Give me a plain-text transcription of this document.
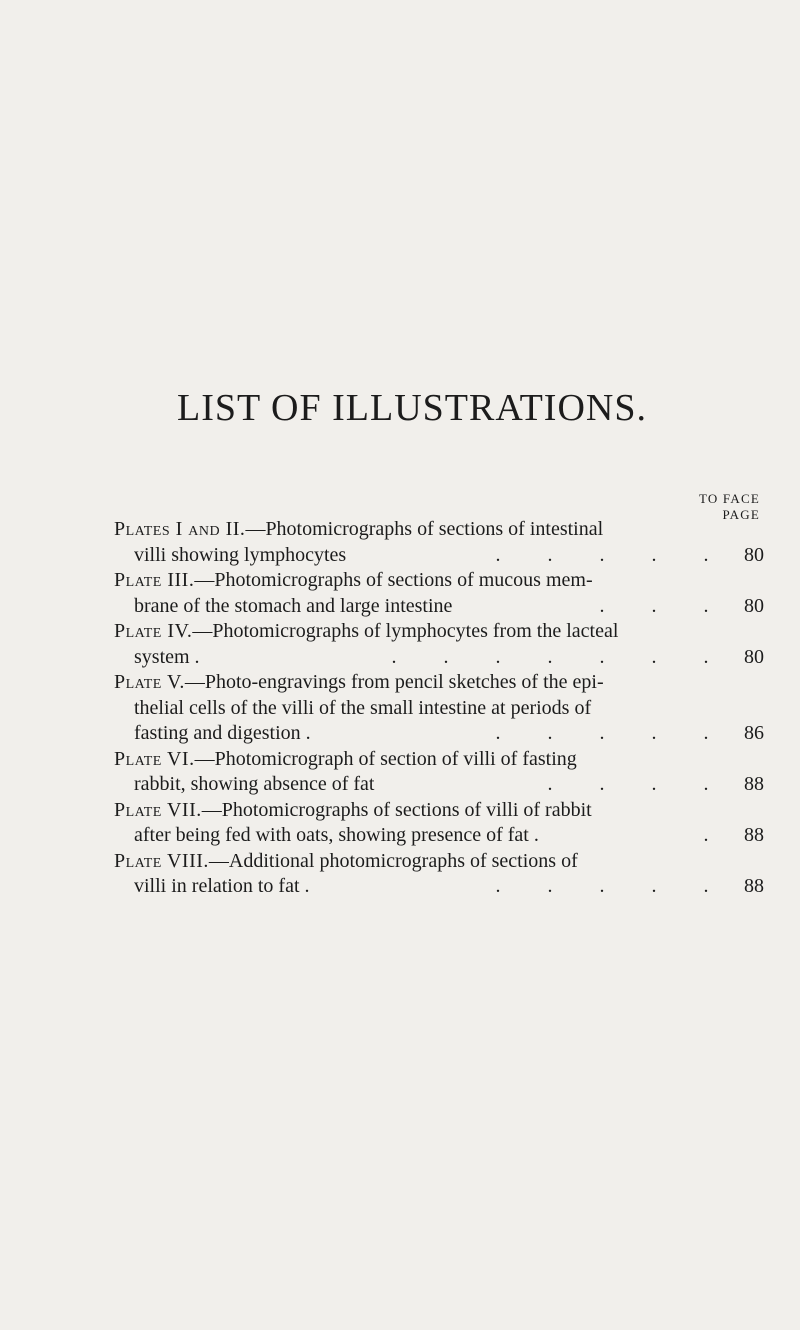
LIST OF ILLUSTRATIONS.
TO FACE
PAGE
Plates I and II.—Photomicrographs of sections of intestinal
villi showing lymphocytes	. . . . .	80
Plate III.—Photomicrographs of sections of mucous mem-
brane of the stomach and large intestine	. . .	80
Plate IV.—Photomicrographs of lymphocytes from the lacteal
system .	. . . . . . .	80
Plate V.—Photo-engravings from pencil sketches of the epi-
thelial cells of the villi of the small intestine at periods of
fasting and digestion .	. . . . .	86
Plate VI.—Photomicrograph of section of villi of fasting
rabbit, showing absence of fat	. . . .	88
Plate VII.—Photomicrographs of sections of villi of rabbit
after being fed with oats, showing presence of fat .	.	88
Plate VIII.—Additional photomicrographs of sections of
villi in relation to fat .	. . . . .	88
